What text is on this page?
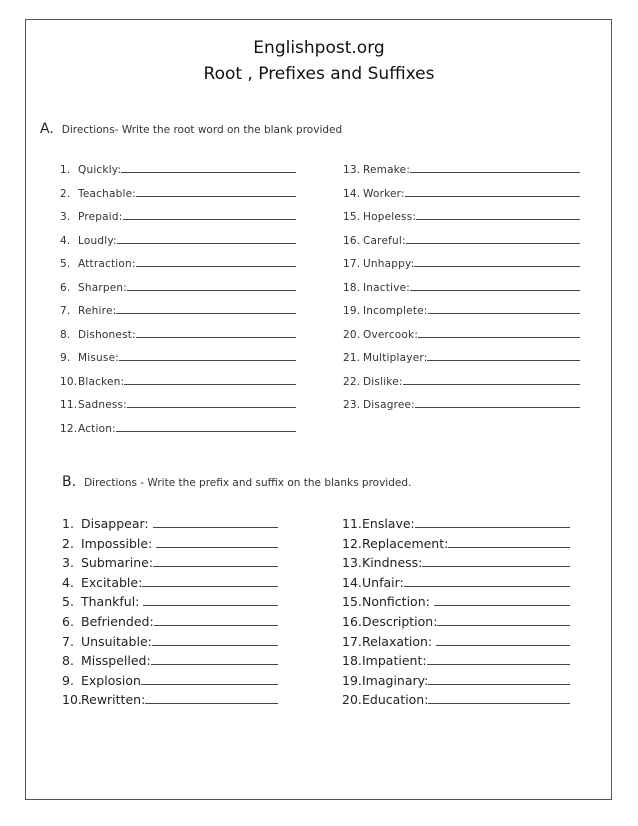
Englishpost.org
Root , Prefixes and Suffixes
A. Directions- Write the root word on the blank provided
1. Quickly:
2. Teachable:
3. Prepaid:
4. Loudly:
5. Attraction:
6. Sharpen:
7. Rehire:
8. Dishonest:
9. Misuse:
10.Blacken:
11.Sadness:
12.Action:
13. Remake:
14. Worker:
15. Hopeless:
16. Careful:
17. Unhappy:
18. Inactive:
19. Incomplete:
20. Overcook:
21. Multiplayer:
22. Dislike:
23. Disagree:
B. Directions - Write the prefix and suffix on the blanks provided.
1. Disappear:
2. Impossible:
3. Submarine:
4. Excitable:
5. Thankful:
6. Befriended:
7. Unsuitable:
8. Misspelled:
9. Explosion
10.Rewritten:
11.Enslave:
12.Replacement:
13.Kindness:
14.Unfair:
15.Nonfiction:
16.Description:
17.Relaxation:
18.Impatient:
19.Imaginary:
20.Education:
